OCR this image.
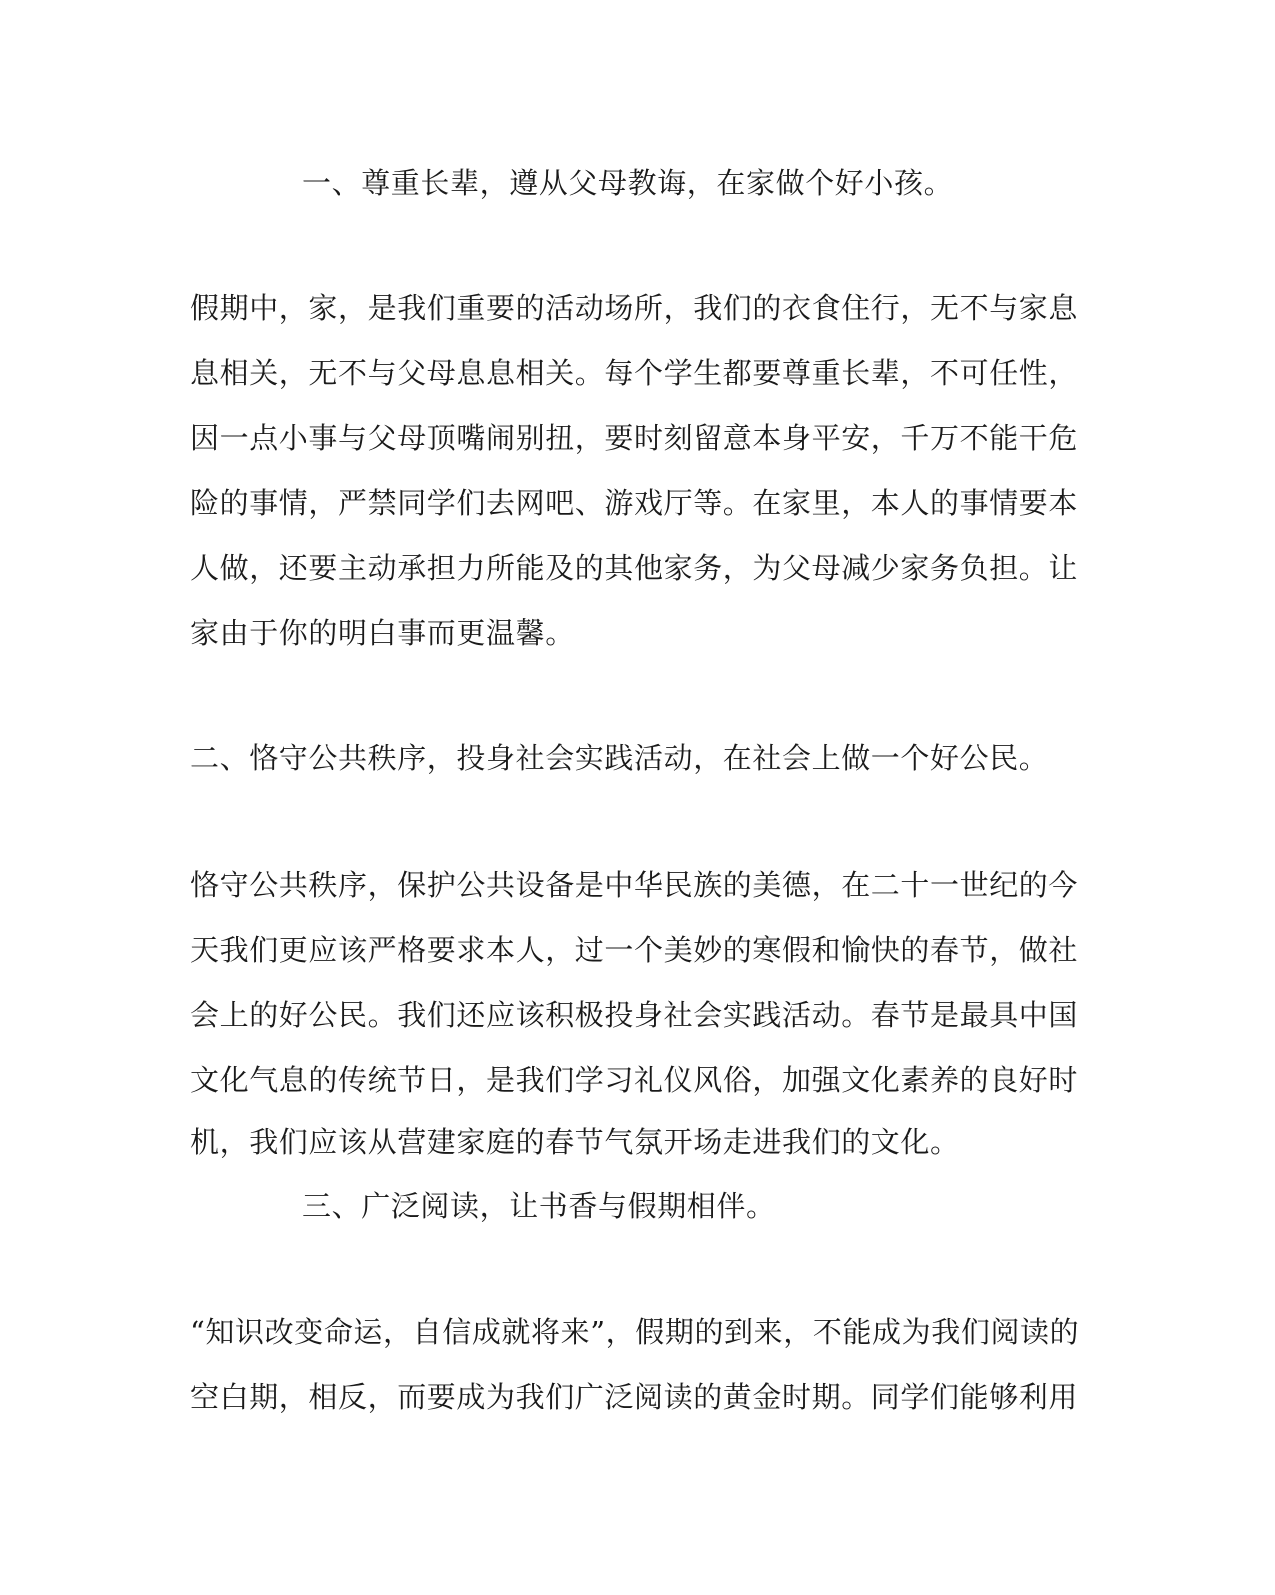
一、尊重长辈，遵从父母教诲，在家做个好小孩。
假期中，家，是我们重要的活动场所，我们的衣食住行，无不与家息
息相关，无不与父母息息相关。每个学生都要尊重长辈，不可任性，
因一点小事与父母顶嘴闹别扭，要时刻留意本身平安，千万不能干危
险的事情，严禁同学们去网吧、游戏厅等。在家里，本人的事情要本
人做，还要主动承担力所能及的其他家务，为父母减少家务负担。让
家由于你的明白事而更温馨。
二、恪守公共秩序，投身社会实践活动，在社会上做一个好公民。
恪守公共秩序，保护公共设备是中华民族的美德，在二十一世纪的今
天我们更应该严格要求本人，过一个美妙的寒假和愉快的春节，做社
会上的好公民。我们还应该积极投身社会实践活动。春节是最具中国
文化气息的传统节日，是我们学习礼仪风俗，加强文化素养的良好时
机，我们应该从营建家庭的春节气氛开场走进我们的文化。
三、广泛阅读，让书香与假期相伴。
“知识改变命运，自信成就将来”，假期的到来，不能成为我们阅读的
空白期，相反，而要成为我们广泛阅读的黄金时期。同学们能够利用
